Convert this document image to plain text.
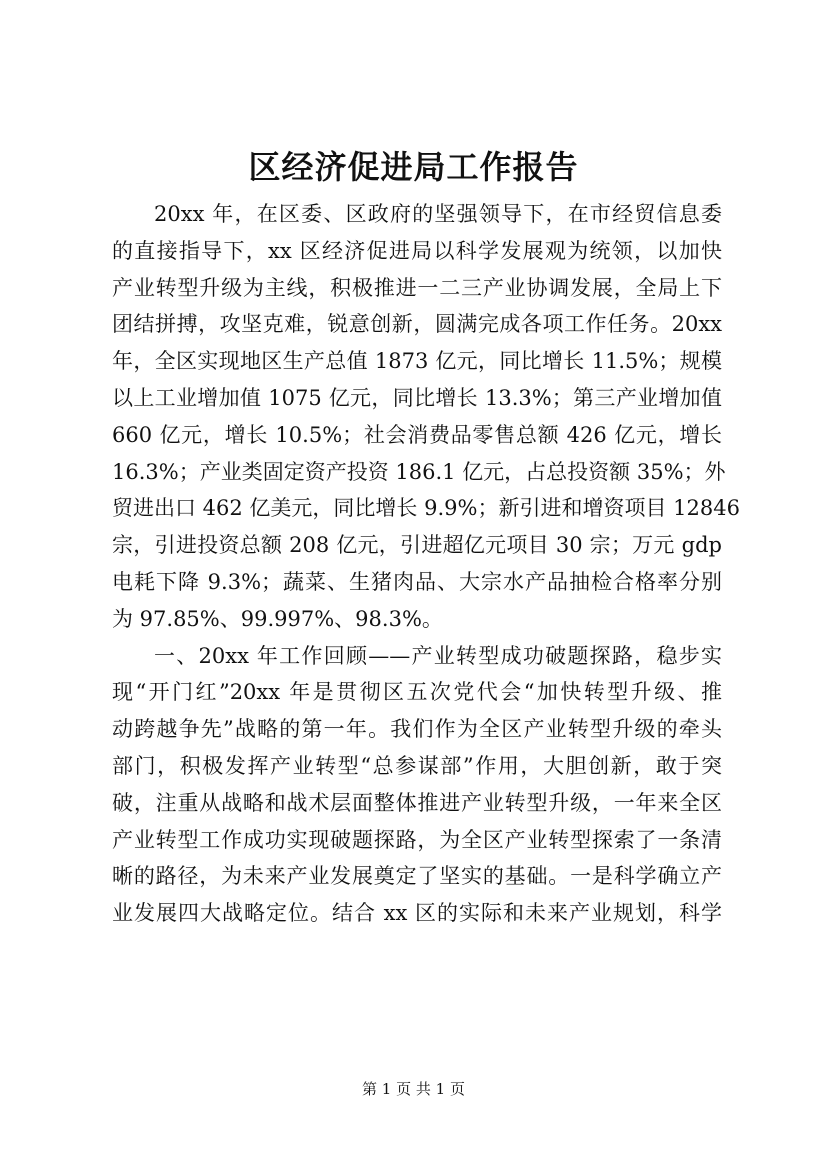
区经济促进局工作报告
20xx 年，在区委、区政府的坚强领导下，在市经贸信息委
的直接指导下，xx 区经济促进局以科学发展观为统领，以加快
产业转型升级为主线，积极推进一二三产业协调发展，全局上下
团结拼搏，攻坚克难，锐意创新，圆满完成各项工作任务。20xx
年，全区实现地区生产总值 1873 亿元，同比增长 11.5%；规模
以上工业增加值 1075 亿元，同比增长 13.3%；第三产业增加值
660 亿元，增长 10.5%；社会消费品零售总额 426 亿元，增长
16.3%；产业类固定资产投资 186.1 亿元，占总投资额 35%；外
贸进出口 462 亿美元，同比增长 9.9%；新引进和增资项目 12846
宗，引进投资总额 208 亿元，引进超亿元项目 30 宗；万元 gdp
电耗下降 9.3%；蔬菜、生猪肉品、大宗水产品抽检合格率分别
为 97.85%、99.997%、98.3%。
一、20xx 年工作回顾——产业转型成功破题探路，稳步实
现“开门红”20xx 年是贯彻区五次党代会“加快转型升级、推
动跨越争先”战略的第一年。我们作为全区产业转型升级的牵头
部门，积极发挥产业转型“总参谋部”作用，大胆创新，敢于突
破，注重从战略和战术层面整体推进产业转型升级，一年来全区
产业转型工作成功实现破题探路，为全区产业转型探索了一条清
晰的路径，为未来产业发展奠定了坚实的基础。一是科学确立产
业发展四大战略定位。结合 xx 区的实际和未来产业规划，科学
第 1 页 共 1 页
